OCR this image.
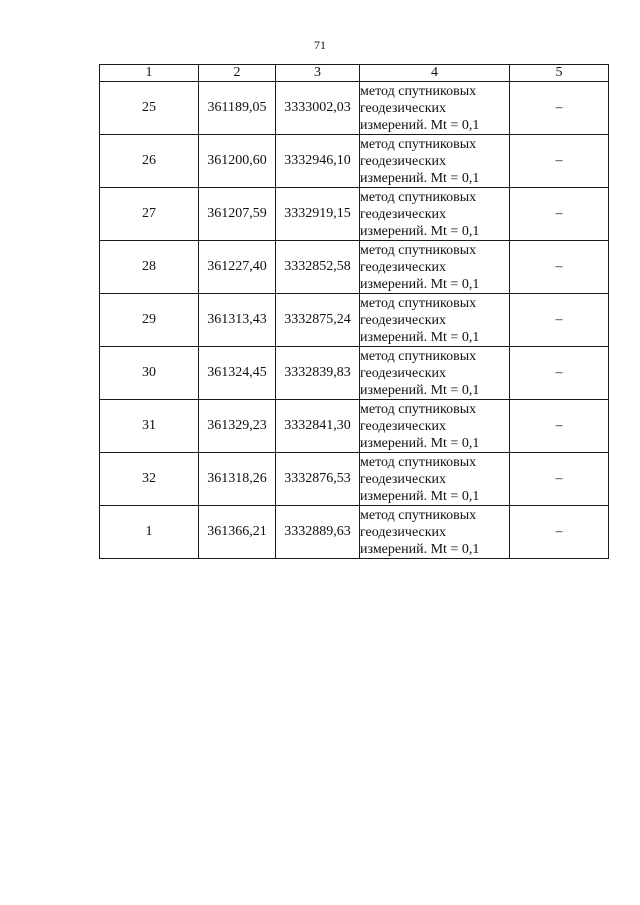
71
1	2	3	4	5
25	361189,05	3333002,03	метод спутниковых
геодезических
измерений. Mt = 0,1	–
26	361200,60	3332946,10	метод спутниковых
геодезических
измерений. Mt = 0,1	–
27	361207,59	3332919,15	метод спутниковых
геодезических
измерений. Mt = 0,1	–
28	361227,40	3332852,58	метод спутниковых
геодезических
измерений. Mt = 0,1	–
29	361313,43	3332875,24	метод спутниковых
геодезических
измерений. Mt = 0,1	–
30	361324,45	3332839,83	метод спутниковых
геодезических
измерений. Mt = 0,1	–
31	361329,23	3332841,30	метод спутниковых
геодезических
измерений. Mt = 0,1	–
32	361318,26	3332876,53	метод спутниковых
геодезических
измерений. Mt = 0,1	–
1	361366,21	3332889,63	метод спутниковых
геодезических
измерений. Mt = 0,1	–
